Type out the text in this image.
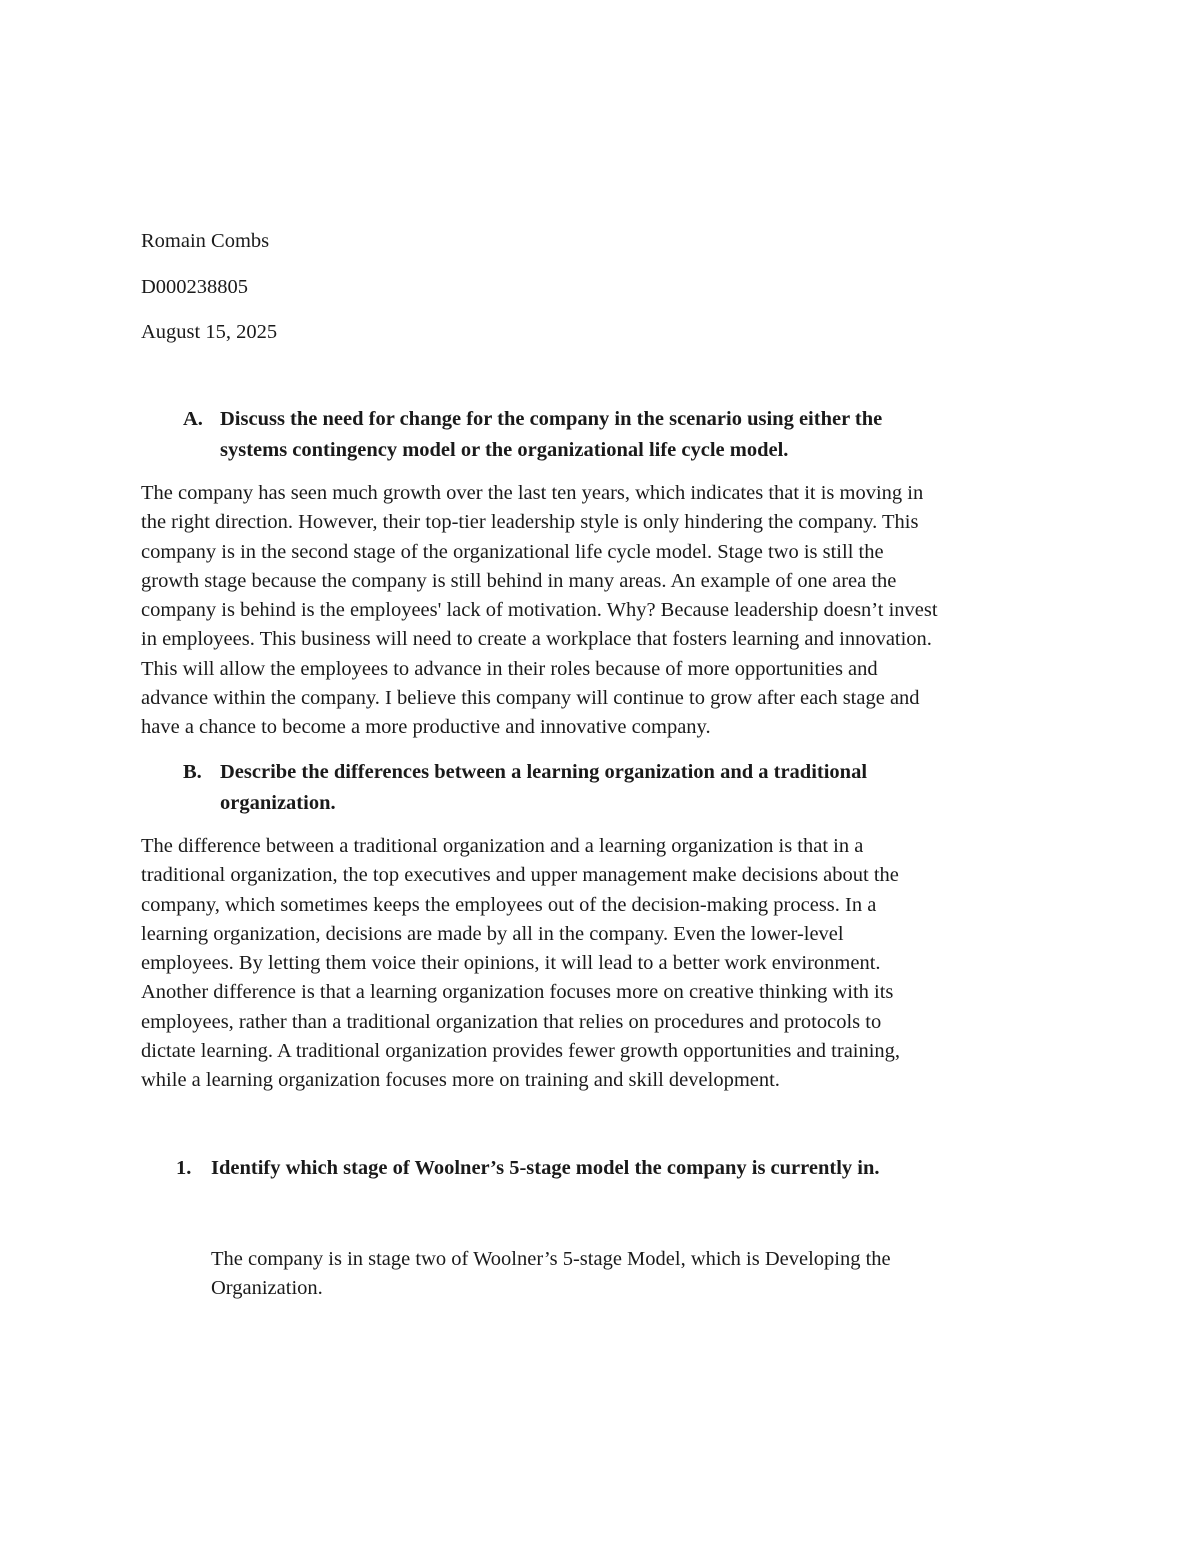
Romain Combs
D000238805
August 15, 2025
A. Discuss the need for change for the company in the scenario using either the
systems contingency model or the organizational life cycle model.
The company has seen much growth over the last ten years, which indicates that it is moving in
the right direction. However, their top-tier leadership style is only hindering the company. This
company is in the second stage of the organizational life cycle model. Stage two is still the
growth stage because the company is still behind in many areas. An example of one area the
company is behind is the employees' lack of motivation. Why? Because leadership doesn’t invest
in employees. This business will need to create a workplace that fosters learning and innovation.
This will allow the employees to advance in their roles because of more opportunities and
advance within the company. I believe this company will continue to grow after each stage and
have a chance to become a more productive and innovative company.
B. Describe the differences between a learning organization and a traditional
organization.
The difference between a traditional organization and a learning organization is that in a
traditional organization, the top executives and upper management make decisions about the
company, which sometimes keeps the employees out of the decision-making process. In a
learning organization, decisions are made by all in the company. Even the lower-level
employees. By letting them voice their opinions, it will lead to a better work environment.
Another difference is that a learning organization focuses more on creative thinking with its
employees, rather than a traditional organization that relies on procedures and protocols to
dictate learning. A traditional organization provides fewer growth opportunities and training,
while a learning organization focuses more on training and skill development.
1. Identify which stage of Woolner’s 5-stage model the company is currently in.
The company is in stage two of Woolner’s 5-stage Model, which is Developing the
Organization.
